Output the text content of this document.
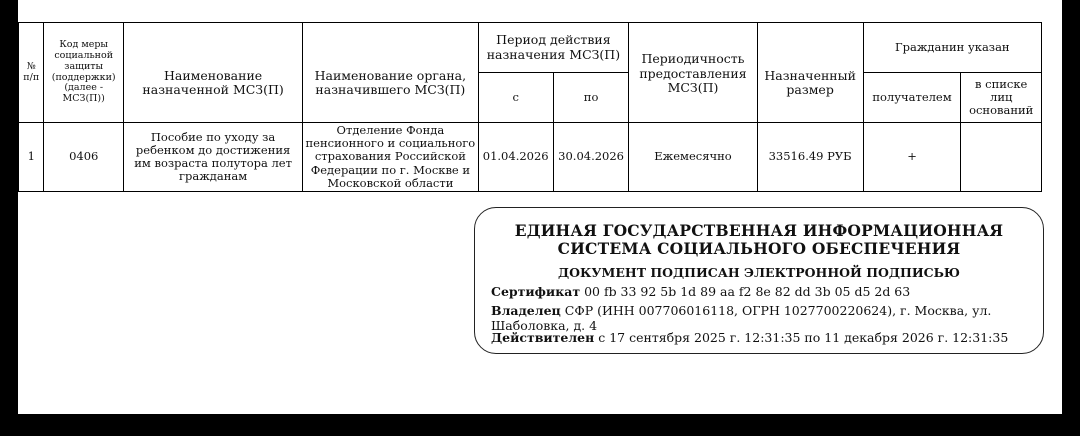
№ п/п	Код меры социальной защиты (поддержки) (далее - МСЗ(П))	Наименование назначенной МСЗ(П)	Наименование органа, назначившего МСЗ(П)	Период действия назначения МСЗ(П)		Периодичность предоставления МСЗ(П)	Назначенный размер	Гражданин указан	
				с	по			получателем	в списке лиц оснований
1	0406	Пособие по уходу за ребенком до достижения им возраста полутора лет гражданам	Отделение Фонда пенсионного и социального страхования Российской Федерации по г. Москве и Московской области	01.04.2026	30.04.2026	Ежемесячно	33516.49 РУБ	+	
ЕДИНАЯ ГОСУДАРСТВЕННАЯ ИНФОРМАЦИОННАЯ
СИСТЕМА СОЦИАЛЬНОГО ОБЕСПЕЧЕНИЯ
ДОКУМЕНТ ПОДПИСАН ЭЛЕКТРОННОЙ ПОДПИСЬЮ
Сертификат 00 fb 33 92 5b 1d 89 aa f2 8e 82 dd 3b 05 d5 2d 63
Владелец СФР (ИНН 007706016118, ОГРН 1027700220624), г. Москва, ул.
Шаболовка, д. 4
Действителен с 17 сентября 2025 г. 12:31:35 по 11 декабря 2026 г. 12:31:35
